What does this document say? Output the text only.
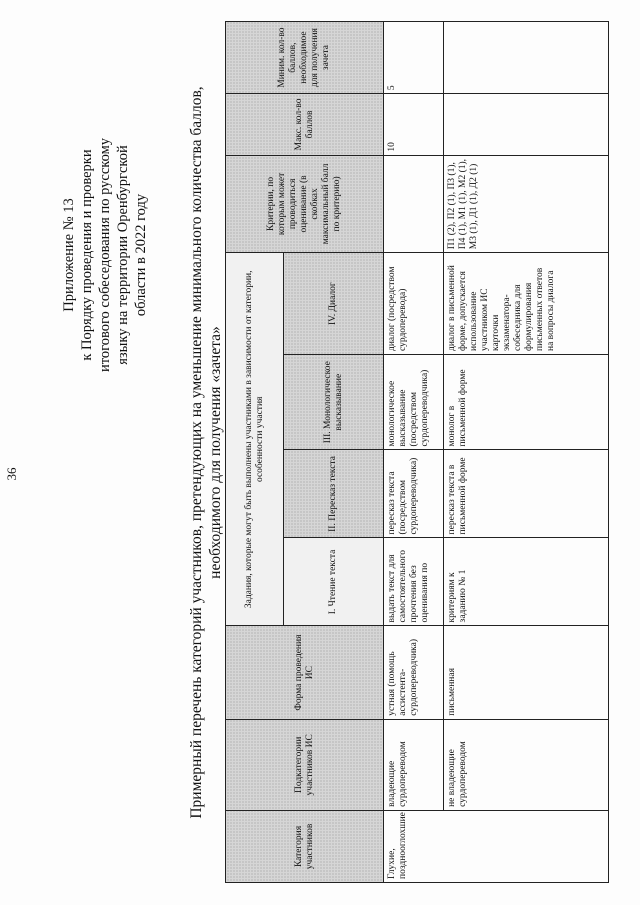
36
Приложение № 13 к Порядку проведения и проверки итогового собеседования по русскому языку на территории Оренбургской области в 2022 году	Примерный перечень категорий участников, претендующих на уменьшение минимального количества баллов, необходимого для получения «зачета»
Категория участников	Подкатегории участников ИС	Форма проведения ИС	Задания, которые могут быть выполнены участниками в зависимости от категории, особенности участия				Критерии, по которым может проводиться оценивание (в скобках максимальный балл по критерию)	Макс. кол-во баллов	Миним. кол-во баллов, необходимое для получения зачета
			I. Чтение текста	II. Пересказ текста	III. Монологическое высказывание	IV. Диалог			
Глухие, позднооглохшие	владеющие сурдопереводом	устная (помощь ассистента-сурдопереводчика)	выдать текст для самостоятельного прочтения без оценивания по	пересказ текста (посредством сурдопереводчика)	монологическое высказывание (посредством сурдопереводчика)	диалог (посредством сурдоперевода)		10	5
	не владеющие сурдопереводом	письменная	критериям к заданию № 1	пересказ текста в письменной форме	монолог в письменной форме	диалог в письменной форме, допускается использование участником ИС карточки экзаменатора-собеседника для формулирования письменных ответов на вопросы диалога	П1 (2), П2 (1), П3 (1), П4 (1), М1 (1), М2 (1), М3 (1), Д1 (1), Д2 (1)		
